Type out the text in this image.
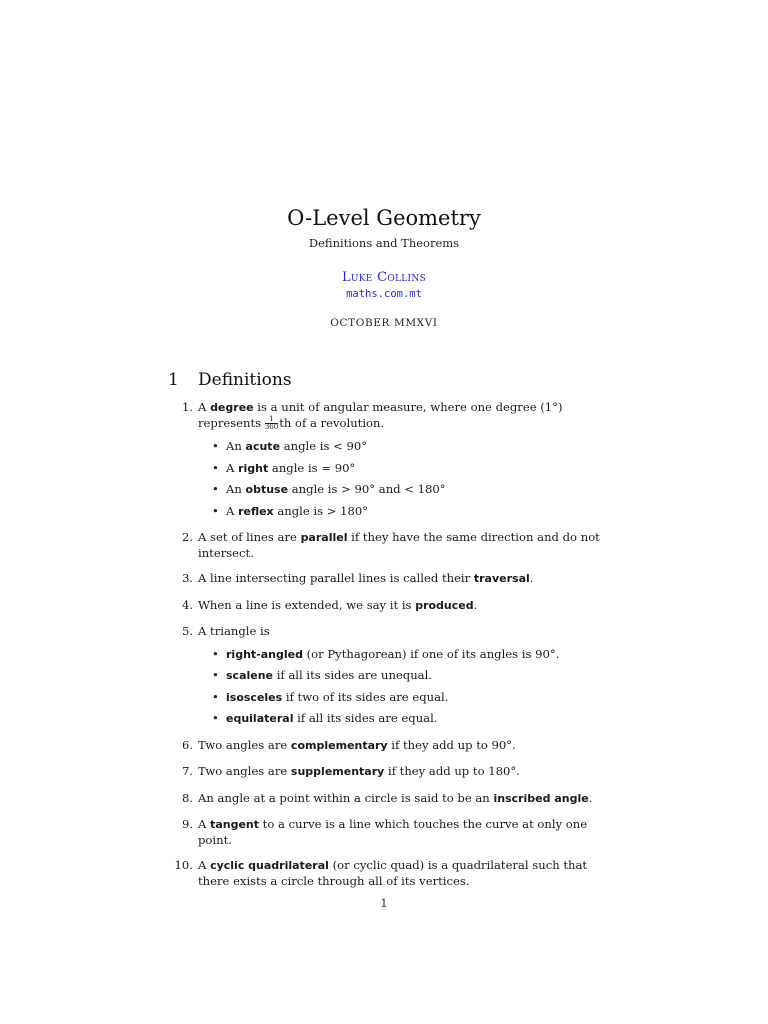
O-Level Geometry
Definitions and Theorems
Luke Collins
maths.com.mt
OCTOBER MMXVI
1 Definitions
1. A degree is a unit of angular measure, where one degree (1°) represents $\frac{1}{360}$ th of a revolution.
• An acute angle is < 90°
• A right angle is = 90°
• An obtuse angle is > 90° and < 180°
• A reflex angle is > 180°
2. A set of lines are parallel if they have the same direction and do not intersect.
3. A line intersecting parallel lines is called their traversal.
4. When a line is extended, we say it is produced.
5. A triangle is
• right-angled (or Pythagorean) if one of its angles is 90°.
• scalene if all its sides are unequal.
• isosceles if two of its sides are equal.
• equilateral if all its sides are equal.
6. Two angles are complementary if they add up to 90°.
7. Two angles are supplementary if they add up to 180°.
8. An angle at a point within a circle is said to be an inscribed angle.
9. A tangent to a curve is a line which touches the curve at only one point.
10. A cyclic quadrilateral (or cyclic quad) is a quadrilateral such that there exists a circle through all of its vertices.
1
